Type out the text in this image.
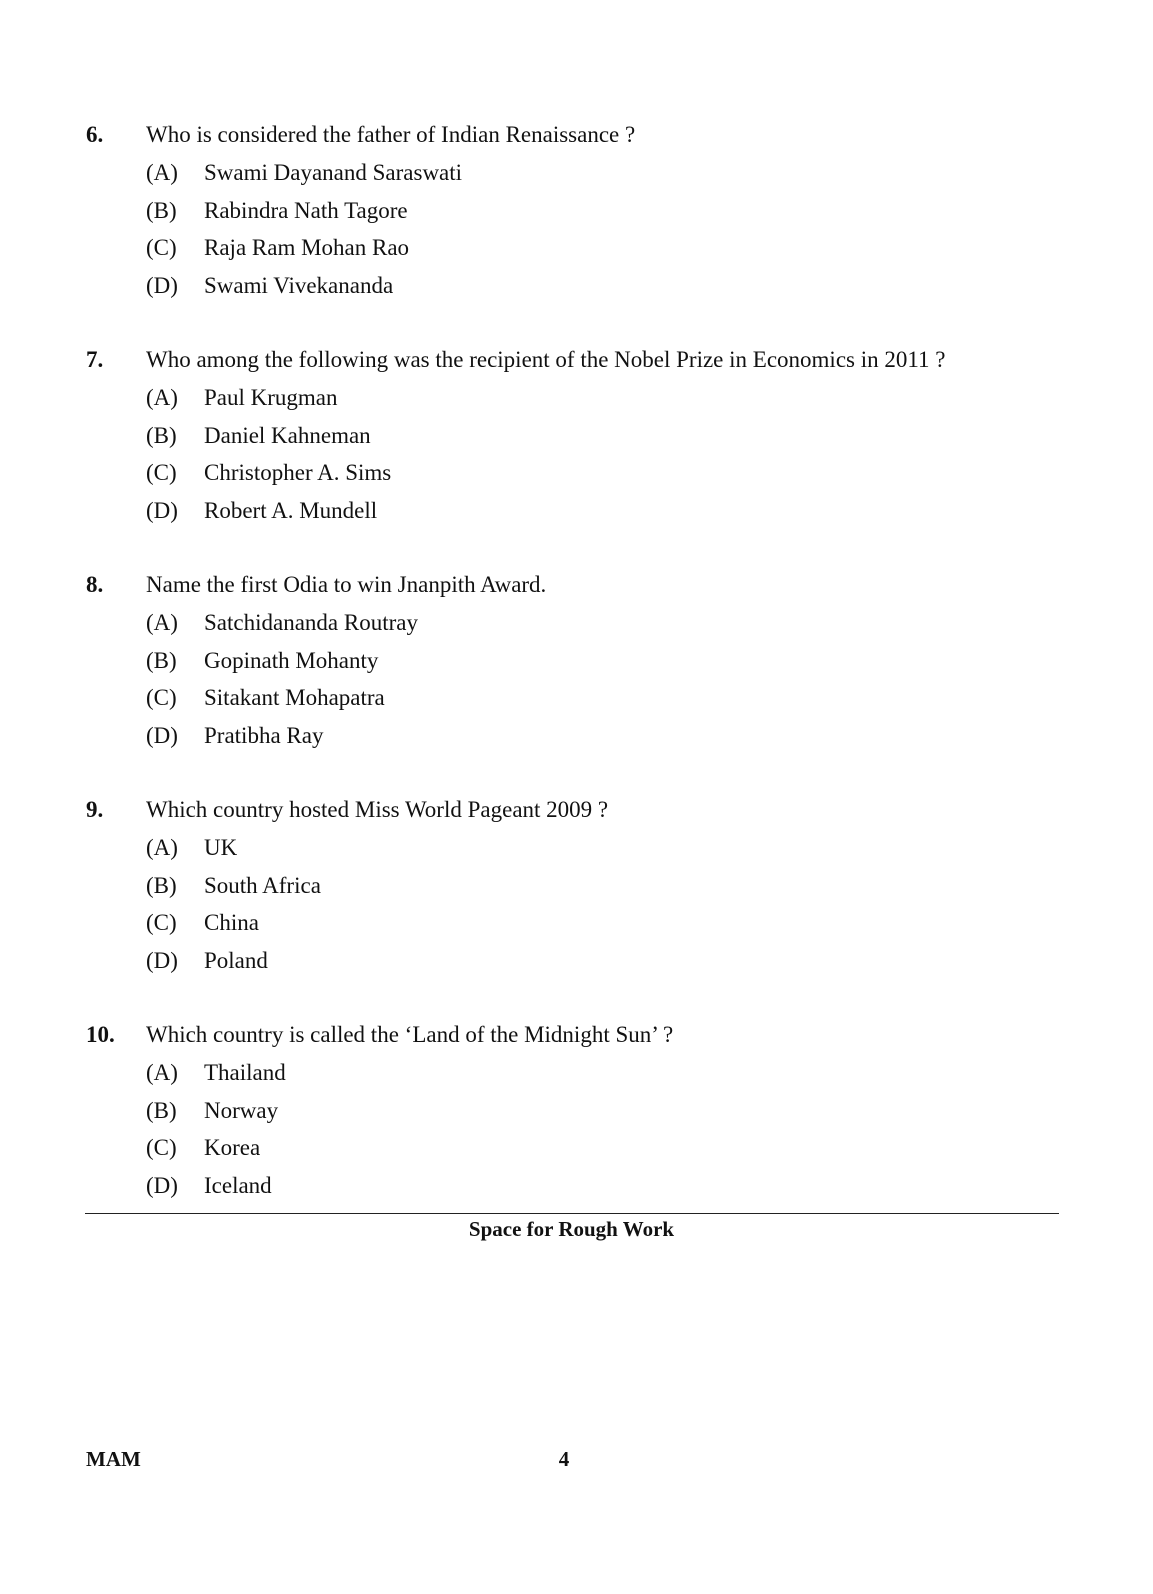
6. Who is considered the father of Indian Renaissance ?
(A) Swami Dayanand Saraswati
(B) Rabindra Nath Tagore
(C) Raja Ram Mohan Rao
(D) Swami Vivekananda
7. Who among the following was the recipient of the Nobel Prize in Economics in 2011 ?
(A) Paul Krugman
(B) Daniel Kahneman
(C) Christopher A. Sims
(D) Robert A. Mundell
8. Name the first Odia to win Jnanpith Award.
(A) Satchidananda Routray
(B) Gopinath Mohanty
(C) Sitakant Mohapatra
(D) Pratibha Ray
9. Which country hosted Miss World Pageant 2009 ?
(A) UK
(B) South Africa
(C) China
(D) Poland
10. Which country is called the ‘Land of the Midnight Sun’ ?
(A) Thailand
(B) Norway
(C) Korea
(D) Iceland
Space for Rough Work
MAM	4
